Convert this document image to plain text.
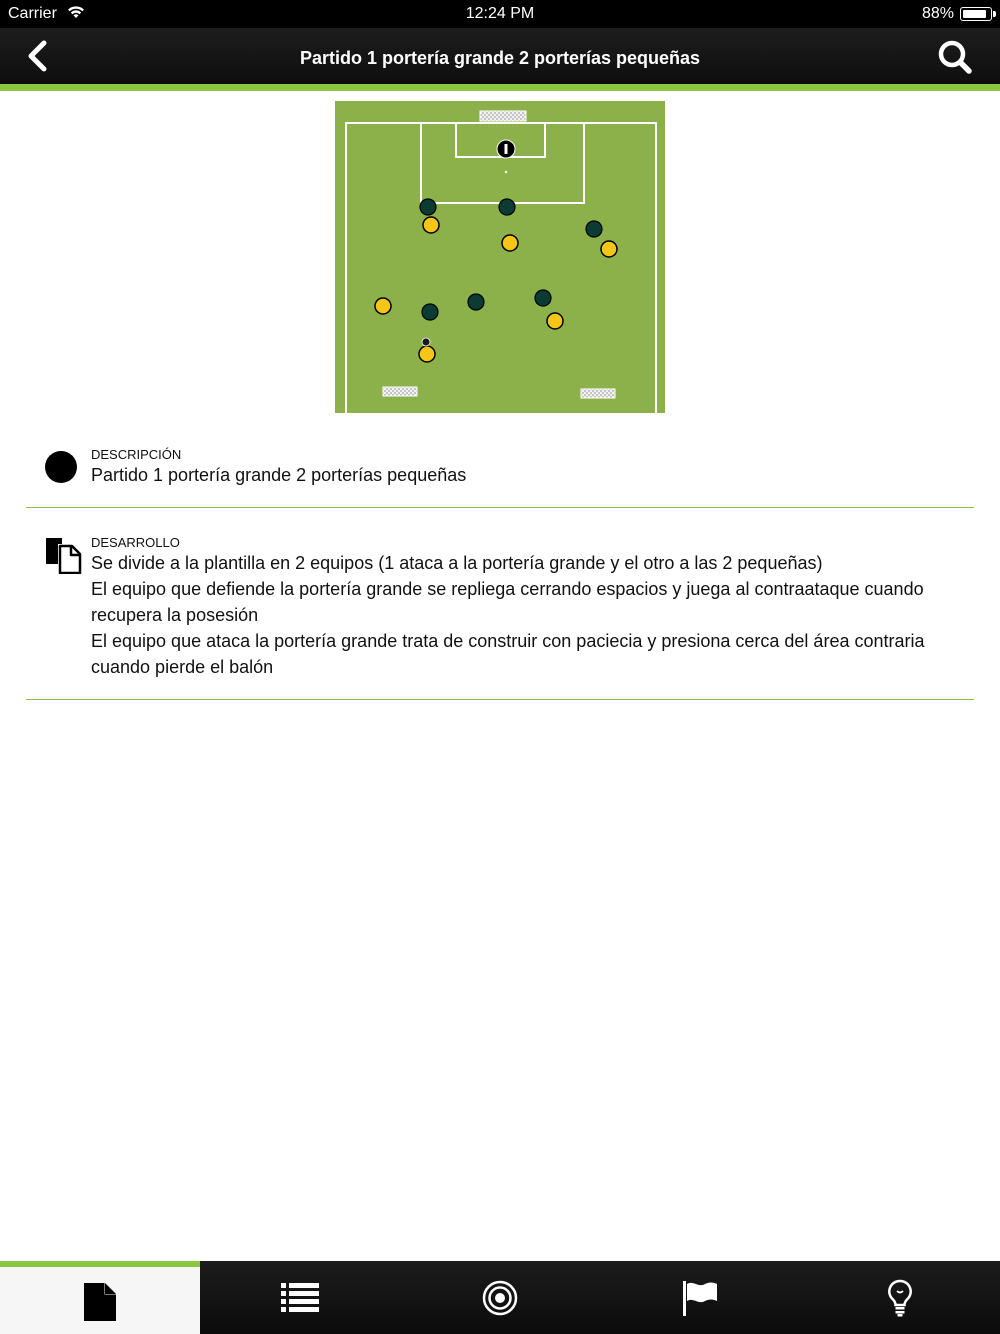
Carrier	12:24 PM	88%
Partido 1 portería grande 2 porterías pequeñas
DESCRIPCIÓN
Partido 1 portería grande 2 porterías pequeñas
DESARROLLO
Se divide a la plantilla en 2 equipos (1 ataca a la portería grande y el otro a las 2 pequeñas)
El equipo que defiende la portería grande se repliega cerrando espacios y juega al contraataque cuando recupera la posesión
El equipo que ataca la portería grande trata de construir con paciecia y presiona cerca del área contraria cuando pierde el balón
